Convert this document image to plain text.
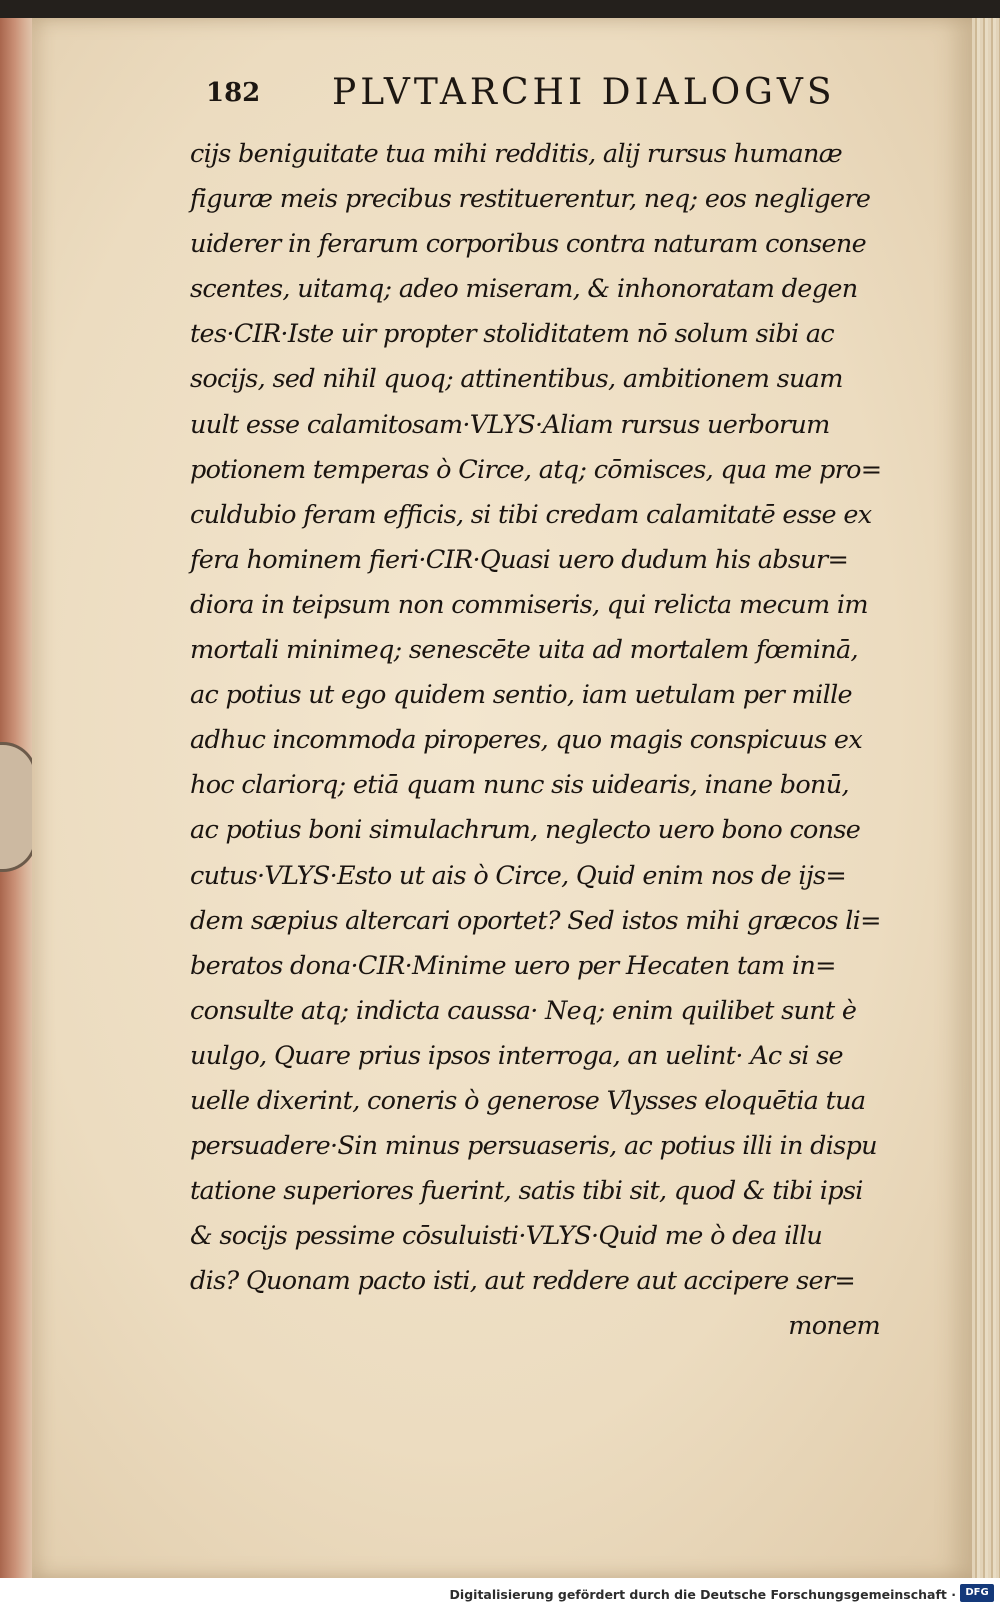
182 PLVTARCHI DIALOGVS
cijs beniguitate tua mihi redditis, alij rursus humanæ
figuræ meis precibus restituerentur, neq; eos negligere
uiderer in ferarum corporibus contra naturam consene
scentes, uitamq; adeo miseram, & inhonoratam degen
tes·CIR·Iste uir propter stoliditatem nō solum sibi ac
socijs, sed nihil quoq; attinentibus, ambitionem suam
uult esse calamitosam·VLYS·Aliam rursus uerborum
potionem temperas ò Circe, atq; cōmisces, qua me pro=
culdubio feram efficis, si tibi credam calamitatē esse ex
fera hominem fieri·CIR·Quasi uero dudum his absur=
diora in teipsum non commiseris, qui relicta mecum im
mortali minimeq; senescēte uita ad mortalem fœminā,
ac potius ut ego quidem sentio, iam uetulam per mille
adhuc incommoda piroperes, quo magis conspicuus ex
hoc clariorq; etiā quam nunc sis uidearis, inane bonū,
ac potius boni simulachrum, neglecto uero bono conse
cutus·VLYS·Esto ut ais ò Circe, Quid enim nos de ijs=
dem sæpius altercari oportet? Sed istos mihi græcos li=
beratos dona·CIR·Minime uero per Hecaten tam in=
consulte atq; indicta caussa· Neq; enim quilibet sunt è
uulgo, Quare prius ipsos interroga, an uelint· Ac si se
uelle dixerint, coneris ò generose Vlysses eloquētia tua
persuadere·Sin minus persuaseris, ac potius illi in dispu
tatione superiores fuerint, satis tibi sit, quod & tibi ipsi
& socijs pessime cōsuluisti·VLYS·Quid me ò dea illu
dis? Quonam pacto isti, aut reddere aut accipere ser=
monem
Digitalisierung gefördert durch die Deutsche Forschungsgemeinschaft · DFG
